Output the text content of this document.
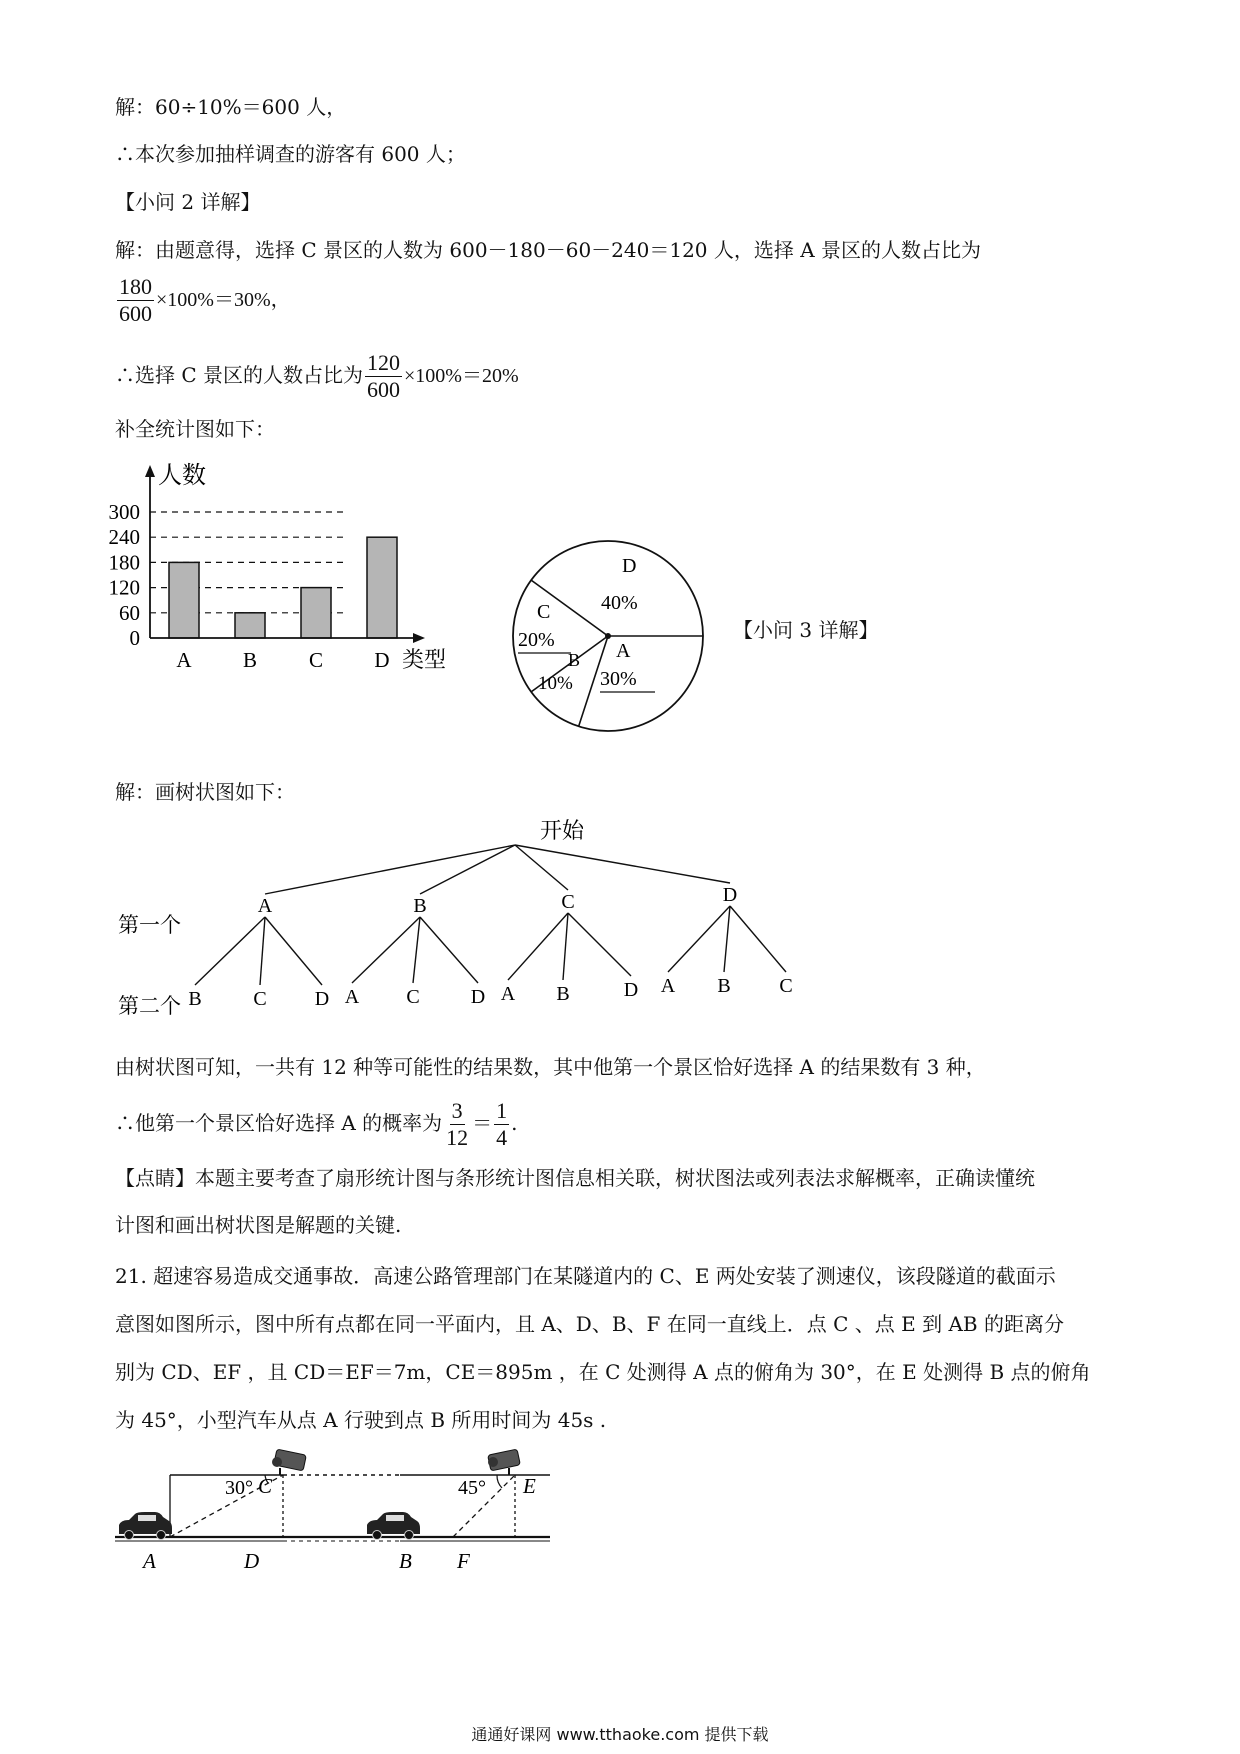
解：60÷10%＝600 人，
∴本次参加抽样调查的游客有 600 人；
【小问 2 详解】
解：由题意得，选择 C 景区的人数为 600－180－60－240＝120 人，选择 A 景区的人数占比为
$\frac{180}{600} \times 100\%=30\%$，
∴选择 C 景区的人数占比为 $\frac{120}{600} \times 100\%=20\%$
补全统计图如下：
0
60
120
180
240
300
A B C D
人数
类型
D
40%
C
20%
B
10%
A
30%
【小问 3 详解】
解：画树状图如下：
开始
第一个
第二个
A
B	C D
B
A C	D
C
A B	D
D
A B C
由树状图可知，一共有 12 种等可能性的结果数，其中他第一个景区恰好选择 A 的结果数有 3 种，
∴他第一个景区恰好选择 A 的概率为 $\frac{3}{12} = \frac{1}{4}$ .
【点睛】本题主要考查了扇形统计图与条形统计图信息相关联，树状图法或列表法求解概率，正确读懂统
计图和画出树状图是解题的关键.
21. 超速容易造成交通事故．高速公路管理部门在某隧道内的 C、E 两处安装了测速仪，该段隧道的截面示
意图如图所示，图中所有点都在同一平面内，且 A、D、B、F 在同一直线上．点 C 、点 E 到 AB 的距离分
别为 CD、EF ，且 CD＝EF＝7m，CE＝895m ，在 C 处测得 A 点的俯角为 30°，在 E 处测得 B 点的俯角
为 45°，小型汽车从点 A 行驶到点 B 所用时间为 45s .
30°	45°
A	D	B F
C	E
通通好课网 www.tthaoke.com 提供下载
